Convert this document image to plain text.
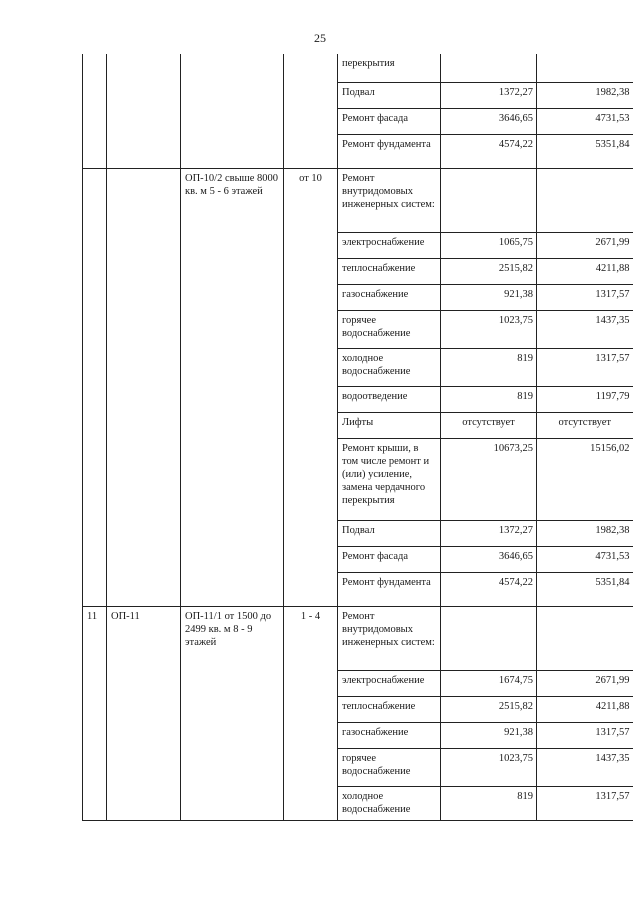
25
				перекрытия		
				Подвал	1372,27	1982,38
				Ремонт фасада	3646,65	4731,53
				Ремонт фундамента	4574,22	5351,84
		ОП-10/2 свыше 8000 кв. м 5 - 6 этажей	от 10	Ремонт внутридомовых инженерных систем:		
				электроснабжение	1065,75	2671,99
				теплоснабжение	2515,82	4211,88
				газоснабжение	921,38	1317,57
				горячее водоснабжение	1023,75	1437,35
				холодное водоснабжение	819	1317,57
				водоотведение	819	1197,79
				Лифты	отсутствует	отсутствует
				Ремонт крыши, в том числе ремонт и (или) усиление, замена чердачного перекрытия	10673,25	15156,02
				Подвал	1372,27	1982,38
				Ремонт фасада	3646,65	4731,53
				Ремонт фундамента	4574,22	5351,84
11	ОП-11	ОП-11/1 от 1500 до 2499 кв. м 8 - 9 этажей	1 - 4	Ремонт внутридомовых инженерных систем:		
				электроснабжение	1674,75	2671,99
				теплоснабжение	2515,82	4211,88
				газоснабжение	921,38	1317,57
				горячее водоснабжение	1023,75	1437,35
				холодное водоснабжение	819	1317,57
